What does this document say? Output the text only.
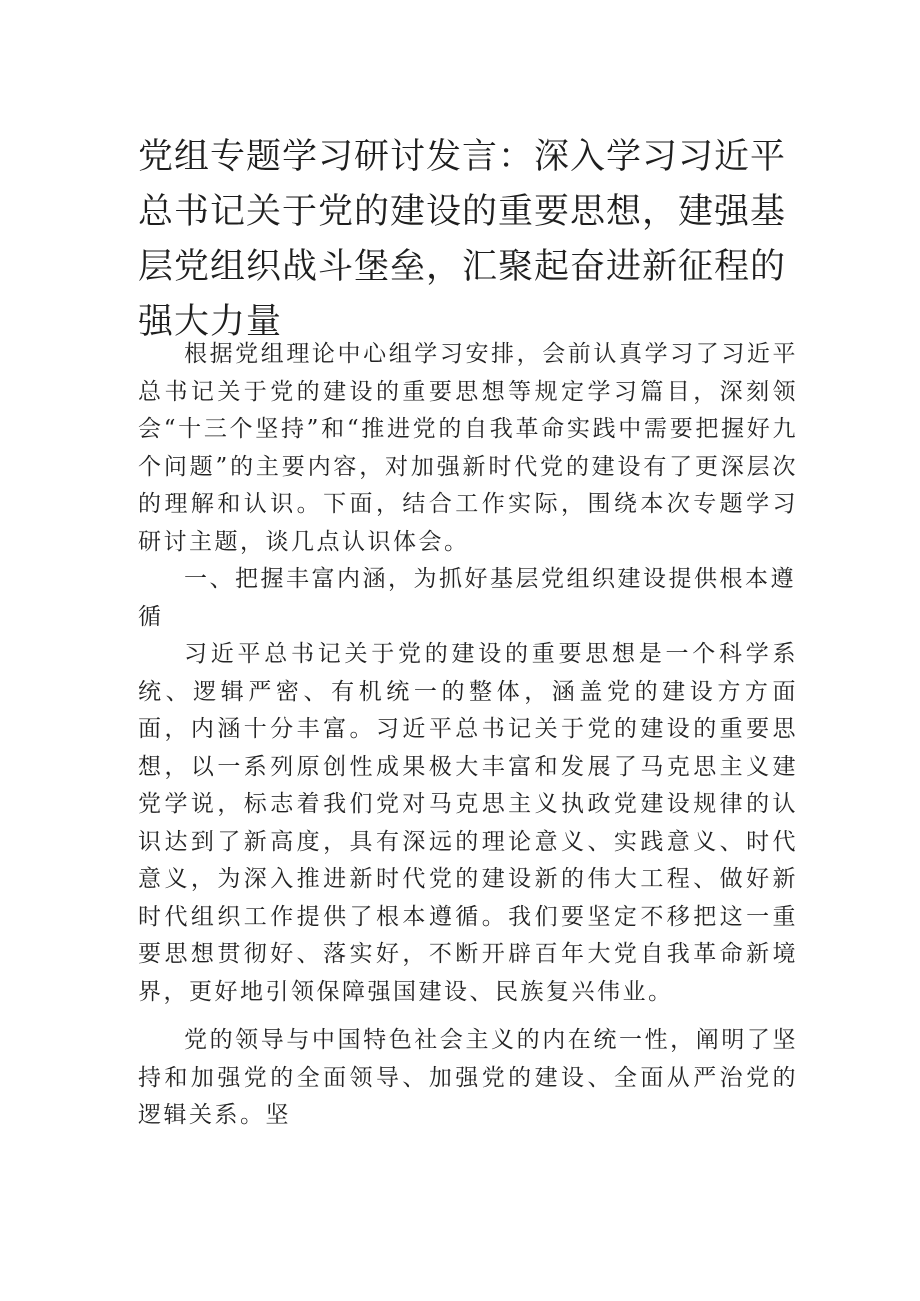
党组专题学习研讨发言：深入学习习近平总书记关于党的建设的重要思想，建强基层党组织战斗堡垒，汇聚起奋进新征程的强大力量

根据党组理论中心组学习安排，会前认真学习了习近平总书记关于党的建设的重要思想等规定学习篇目，深刻领会“十三个坚持”和“推进党的自我革命实践中需要把握好九个问题”的主要内容，对加强新时代党的建设有了更深层次的理解和认识。下面，结合工作实际，围绕本次专题学习研讨主题，谈几点认识体会。

一、把握丰富内涵，为抓好基层党组织建设提供根本遵循

习近平总书记关于党的建设的重要思想是一个科学系统、逻辑严密、有机统一的整体，涵盖党的建设方方面面，内涵十分丰富。习近平总书记关于党的建设的重要思想，以一系列原创性成果极大丰富和发展了马克思主义建党学说，标志着我们党对马克思主义执政党建设规律的认识达到了新高度，具有深远的理论意义、实践意义、时代意义，为深入推进新时代党的建设新的伟大工程、做好新时代组织工作提供了根本遵循。我们要坚定不移把这一重要思想贯彻好、落实好，不断开辟百年大党自我革命新境界，更好地引领保障强国建设、民族复兴伟业。

党的领导与中国特色社会主义的内在统一性，阐明了坚持和加强党的全面领导、加强党的建设、全面从严治党的逻辑关系。坚
